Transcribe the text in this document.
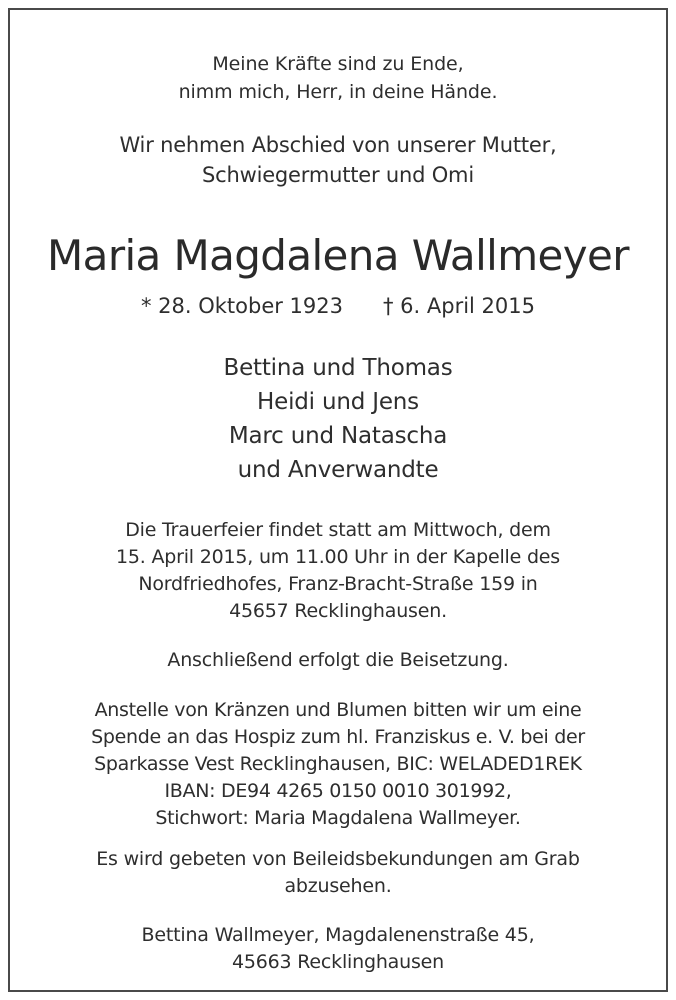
Meine Kräfte sind zu Ende,
nimm mich, Herr, in deine Hände.
Wir nehmen Abschied von unserer Mutter,
Schwiegermutter und Omi
Maria Magdalena Wallmeyer
* 28. Oktober 1923 † 6. April 2015
Bettina und Thomas
Heidi und Jens
Marc und Natascha
und Anverwandte
Die Trauerfeier findet statt am Mittwoch, dem
15. April 2015, um 11.00 Uhr in der Kapelle des
Nordfriedhofes, Franz-Bracht-Straße 159 in
45657 Recklinghausen.
Anschließend erfolgt die Beisetzung.
Anstelle von Kränzen und Blumen bitten wir um eine
Spende an das Hospiz zum hl. Franziskus e. V. bei der
Sparkasse Vest Recklinghausen, BIC: WELADED1REK
IBAN: DE94 4265 0150 0010 301992,
Stichwort: Maria Magdalena Wallmeyer.
Es wird gebeten von Beileidsbekundungen am Grab
abzusehen.
Bettina Wallmeyer, Magdalenenstraße 45,
45663 Recklinghausen
